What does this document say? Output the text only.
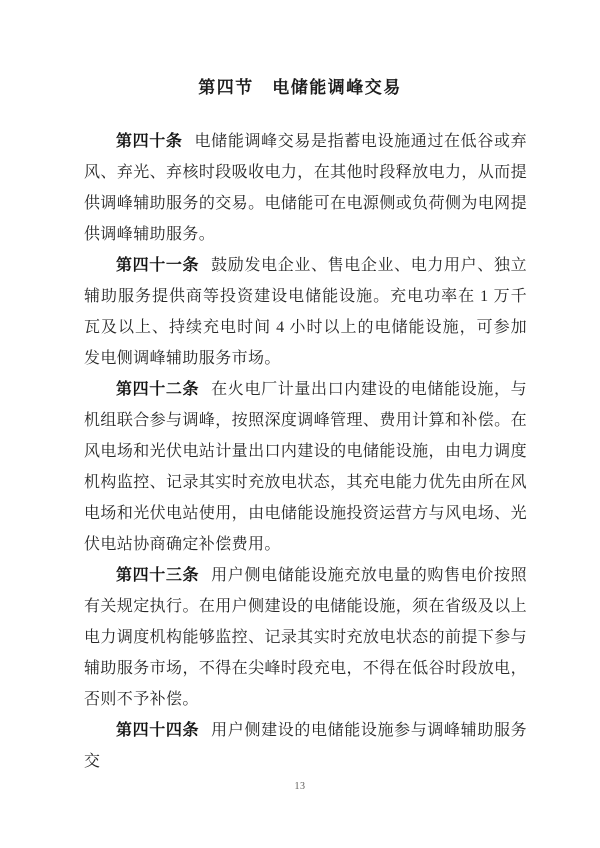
第四节　电储能调峰交易

第四十条 电储能调峰交易是指蓄电设施通过在低谷或弃风、弃光、弃核时段吸收电力，在其他时段释放电力，从而提供调峰辅助服务的交易。电储能可在电源侧或负荷侧为电网提供调峰辅助服务。

第四十一条 鼓励发电企业、售电企业、电力用户、独立辅助服务提供商等投资建设电储能设施。充电功率在 1 万千瓦及以上、持续充电时间 4 小时以上的电储能设施，可参加发电侧调峰辅助服务市场。

第四十二条 在火电厂计量出口内建设的电储能设施，与机组联合参与调峰，按照深度调峰管理、费用计算和补偿。在风电场和光伏电站计量出口内建设的电储能设施，由电力调度机构监控、记录其实时充放电状态，其充电能力优先由所在风电场和光伏电站使用，由电储能设施投资运营方与风电场、光伏电站协商确定补偿费用。

第四十三条 用户侧电储能设施充放电量的购售电价按照有关规定执行。在用户侧建设的电储能设施，须在省级及以上电力调度机构能够监控、记录其实时充放电状态的前提下参与辅助服务市场，不得在尖峰时段充电，不得在低谷时段放电，否则不予补偿。

第四十四条 用户侧建设的电储能设施参与调峰辅助服务交

13
